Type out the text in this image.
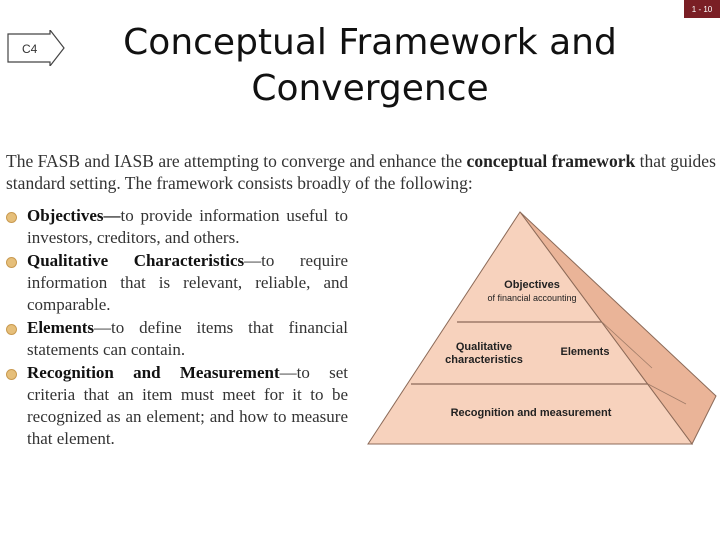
1 - 10
C4	Conceptual Framework and
Convergence
The FASB and IASB are attempting to converge and enhance the conceptual framework that guides standard setting. The framework consists broadly of the following:
Objectives—to provide information useful to investors, creditors, and others.
Qualitative Characteristics—to require information that is relevant, reliable, and comparable.
Elements—to define items that financial statements can contain.
Recognition and Measurement—to set criteria that an item must meet for it to be recognized as an element; and how to measure that element.
Objectives
of financial accounting
Qualitative
characteristics
Elements
Recognition and measurement
